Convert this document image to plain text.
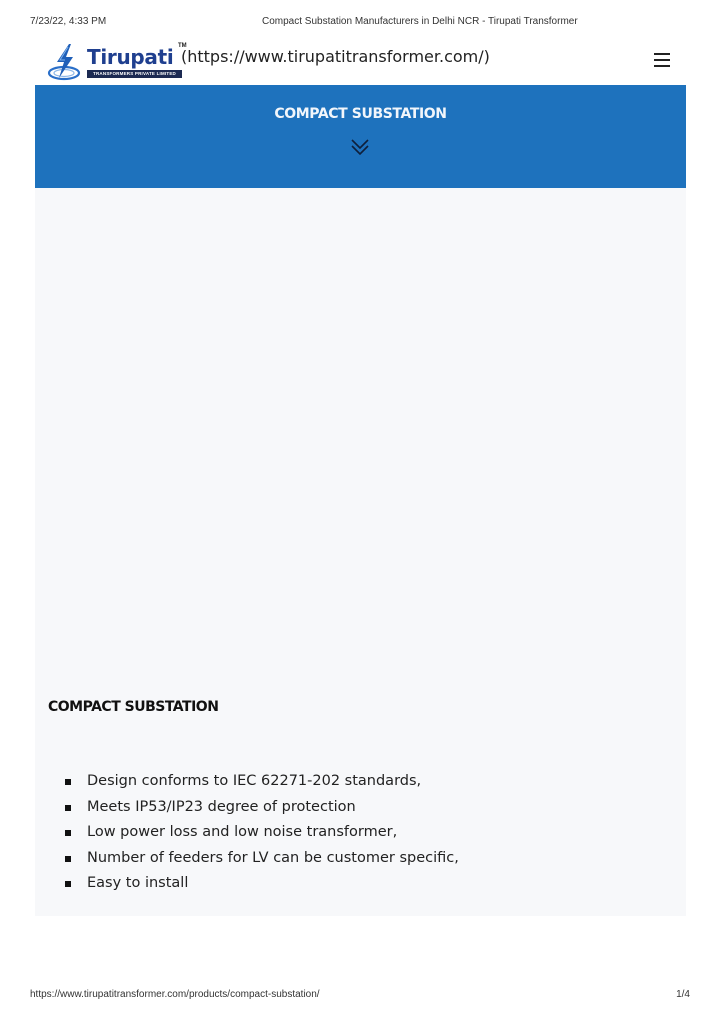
7/23/22, 4:33 PM	Compact Substation Manufacturers in Delhi NCR - Tirupati Transformer
Tirupati TM
TRANSFORMERS PRIVATE LIMITED
(https://www.tirupatitransformer.com/)
COMPACT SUBSTATION
COMPACT SUBSTATION
Design conforms to IEC 62271-202 standards,
Meets IP53/IP23 degree of protection
Low power loss and low noise transformer,
Number of feeders for LV can be customer specific,
Easy to install
https://www.tirupatitransformer.com/products/compact-substation/	1/4
